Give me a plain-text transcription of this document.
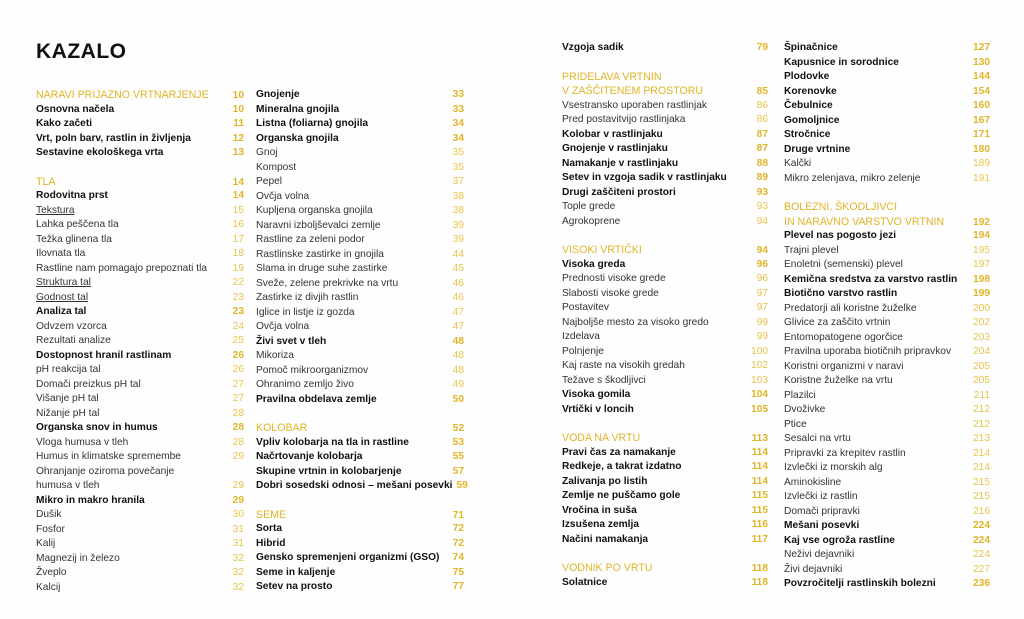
KAZALO
NARAVI PRIJAZNO VRTNARJENJE	10
Osnovna načela	10
Kako začeti	11
Vrt, poln barv, rastlin in življenja	12
Sestavine ekološkega vrta	13
TLA	14
Rodovitna prst	14
Tekstura	15
Lahka peščena tla	16
Težka glinena tla	17
Ilovnata tla	18
Rastline nam pomagajo prepoznati tla	19
Struktura tal	22
Godnost tal	23
Analiza tal	23
Odvzem vzorca	24
Rezultati analize	25
Dostopnost hranil rastlinam	26
pH reakcija tal	26
Domači preizkus pH tal	27
Višanje pH tal	27
Nižanje pH tal	28
Organska snov in humus	28
Vloga humusa v tleh	28
Humus in klimatske spremembe	29
Ohranjanje oziroma povečanje
humusa v tleh	29
Mikro in makro hranila	29
Dušik	30
Fosfor	31
Kalij	31
Magnezij in železo	32
Žveplo	32
Kalcij	32
Gnojenje	33
Mineralna gnojila	33
Listna (foliarna) gnojila	34
Organska gnojila	34
Gnoj	35
Kompost	35
Pepel	37
Ovčja volna	38
Kupljena organska gnojila	38
Naravni izboljševalci zemlje	39
Rastline za zeleni podor	39
Rastlinske zastirke in gnojila	44
Slama in druge suhe zastirke	45
Sveže, zelene prekrivke na vrtu	46
Zastirke iz divjih rastlin	46
Iglice in listje iz gozda	47
Ovčja volna	47
Živi svet v tleh	48
Mikoriza	48
Pomoč mikroorganizmov	48
Ohranimo zemljo živo	49
Pravilna obdelava zemlje	50
KOLOBAR	52
Vpliv kolobarja na tla in rastline	53
Načrtovanje kolobarja	55
Skupine vrtnin in kolobarjenje	57
Dobri sosedski odnosi – mešani posevki 59
SEME	71
Sorta	72
Hibrid	72
Gensko spremenjeni organizmi (GSO)	74
Seme in kaljenje	75
Setev na prosto	77
Vzgoja sadik	79
PRIDELAVA VRTNIN
V ZAŠČITENEM PROSTORU	85
Vsestransko uporaben rastlinjak	86
Pred postavitvijo rastlinjaka	86
Kolobar v rastlinjaku	87
Gnojenje v rastlinjaku	87
Namakanje v rastlinjaku	88
Setev in vzgoja sadik v rastlinjaku	89
Drugi zaščiteni prostori	93
Tople grede	93
Agrokoprene	94
VISOKI VRTIČKI	94
Visoka greda	96
Prednosti visoke grede	96
Slabosti visoke grede	97
Postavitev	97
Najboljše mesto za visoko gredo	99
Izdelava	99
Polnjenje	100
Kaj raste na visokih gredah	102
Težave s škodljivci	103
Visoka gomila	104
Vrtički v loncih	105
VODA NA VRTU	113
Pravi čas za namakanje	114
Redkeje, a takrat izdatno	114
Zalivanja po listih	114
Zemlje ne puščamo gole	115
Vročina in suša	115
Izsušena zemlja	116
Načini namakanja	117
VODNIK PO VRTU	118
Solatnice	118
Špinačnice	127
Kapusnice in sorodnice	130
Plodovke	144
Korenovke	154
Čebulnice	160
Gomoljnice	167
Stročnice	171
Druge vrtnine	180
Kalčki	189
Mikro zelenjava, mikro zelenje	191
BOLEZNI, ŠKODLJIVCI
IN NARAVNO VARSTVO VRTNIN	192
Plevel nas pogosto jezi	194
Trajni plevel	195
Enoletni (semenski) plevel	197
Kemična sredstva za varstvo rastlin	198
Biotično varstvo rastlin	199
Predatorji ali koristne žuželke	200
Glivice za zaščito vrtnin	202
Entomopatogene ogorčice	203
Pravilna uporaba biotičnih pripravkov	204
Koristni organizmi v naravi	205
Koristne žuželke na vrtu	205
Plazilci	211
Dvoživke	212
Ptice	212
Sesalci na vrtu	213
Pripravki za krepitev rastlin	214
Izvlečki iz morskih alg	214
Aminokisline	215
Izvlečki iz rastlin	215
Domači pripravki	216
Mešani posevki	224
Kaj vse ogroža rastline	224
Neživi dejavniki	224
Živi dejavniki	227
Povzročitelji rastlinskih bolezni	236
